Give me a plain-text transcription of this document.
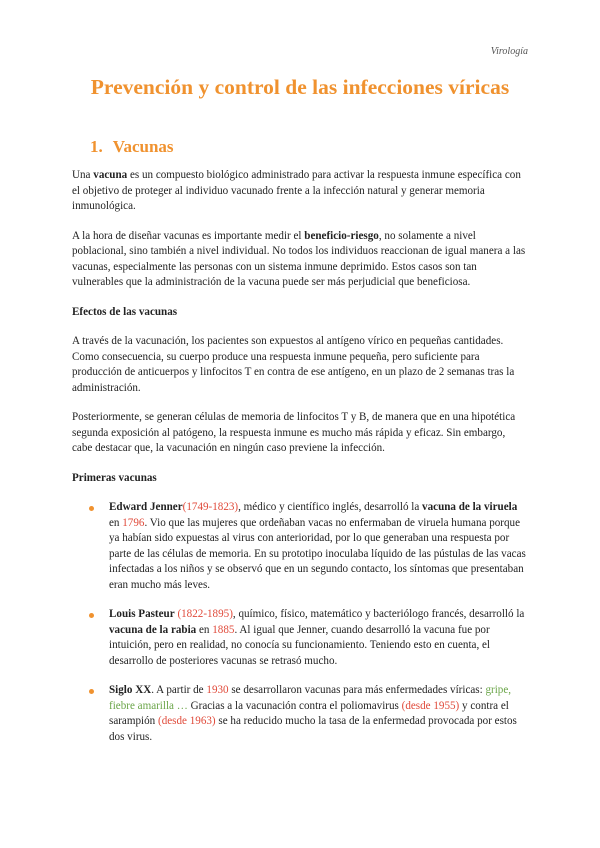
Virología
Prevención y control de las infecciones víricas
1. Vacunas

Una vacuna es un compuesto biológico administrado para activar la respuesta inmune específica con el objetivo de proteger al individuo vacunado frente a la infección natural y generar memoria inmunológica.

A la hora de diseñar vacunas es importante medir el beneficio-riesgo, no solamente a nivel poblacional, sino también a nivel individual. No todos los individuos reaccionan de igual manera a las vacunas, especialmente las personas con un sistema inmune deprimido. Estos casos son tan vulnerables que la administración de la vacuna puede ser más perjudicial que beneficiosa.

Efectos de las vacunas

A través de la vacunación, los pacientes son expuestos al antígeno vírico en pequeñas cantidades. Como consecuencia, su cuerpo produce una respuesta inmune pequeña, pero suficiente para producción de anticuerpos y linfocitos T en contra de ese antígeno, en un plazo de 2 semanas tras la administración.

Posteriormente, se generan células de memoria de linfocitos T y B, de manera que en una hipotética segunda exposición al patógeno, la respuesta inmune es mucho más rápida y eficaz. Sin embargo, cabe destacar que, la vacunación en ningún caso previene la infección.

Primeras vacunas
Edward Jenner(1749-1823), médico y científico inglés, desarrolló la vacuna de la viruela en 1796. Vio que las mujeres que ordeñaban vacas no enfermaban de viruela humana porque ya habían sido expuestas al virus con anterioridad, por lo que generaban una respuesta por parte de las células de memoria. En su prototipo inoculaba líquido de las pústulas de las vacas infectadas a los niños y se observó que en un segundo contacto, los síntomas que presentaban eran mucho más leves.
Louis Pasteur (1822-1895), químico, físico, matemático y bacteriólogo francés, desarrolló la vacuna de la rabia en 1885. Al igual que Jenner, cuando desarrolló la vacuna fue por intuición, pero en realidad, no conocía su funcionamiento. Teniendo esto en cuenta, el desarrollo de posteriores vacunas se retrasó mucho.
Siglo XX. A partir de 1930 se desarrollaron vacunas para más enfermedades víricas: gripe, fiebre amarilla … Gracias a la vacunación contra el poliomavirus (desde 1955) y contra el sarampión (desde 1963) se ha reducido mucho la tasa de la enfermedad provocada por estos dos virus.
